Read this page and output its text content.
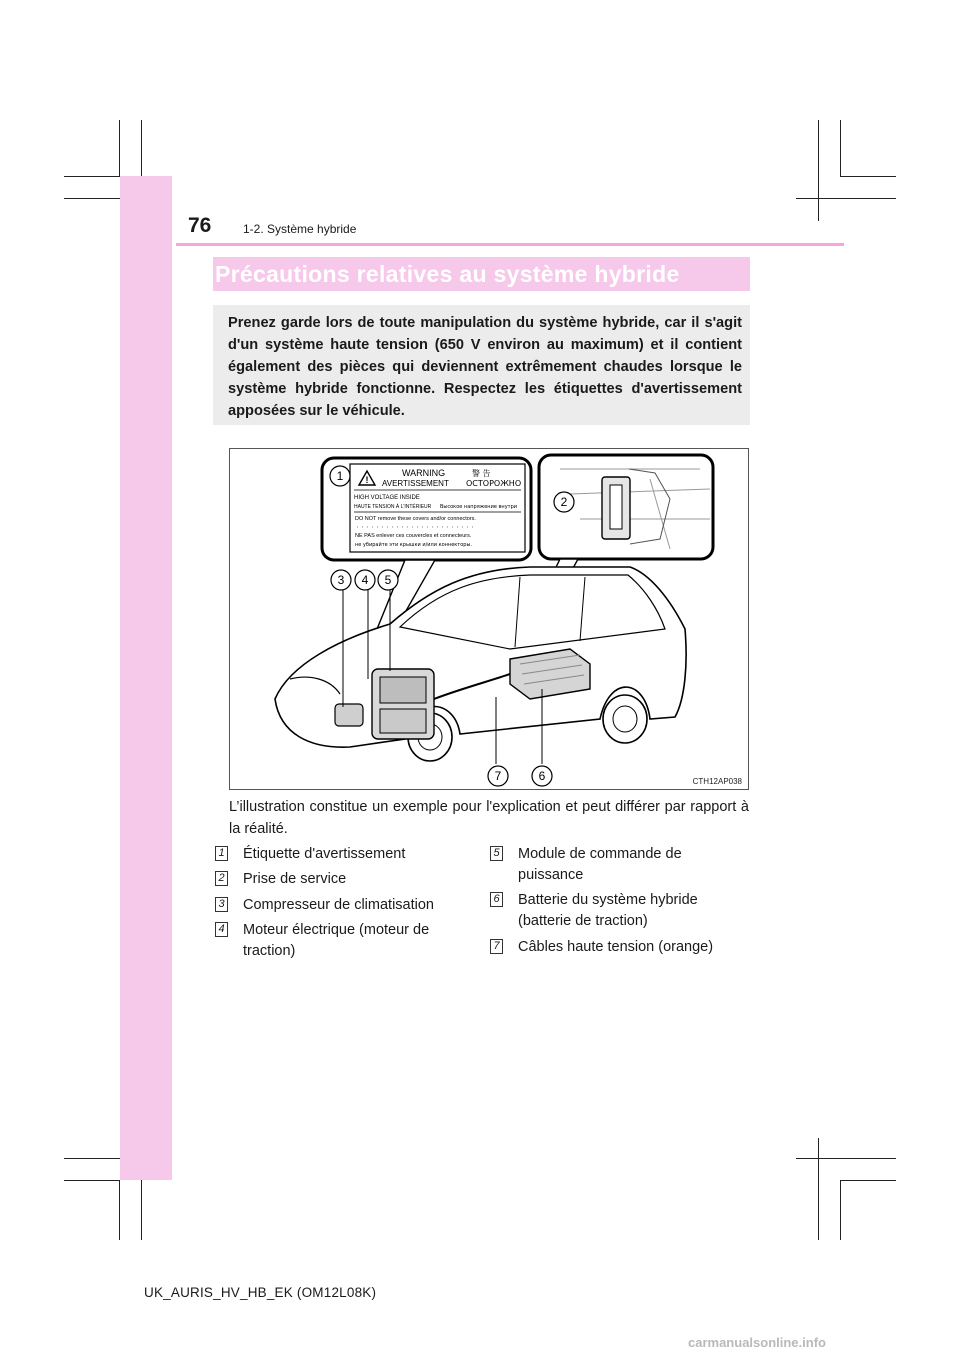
76	1-2. Système hybride
Précautions relatives au système hybride
Prenez garde lors de toute manipulation du système hybride, car il s'agit d'un système haute tension (650 V environ au maximum) et il contient également des pièces qui deviennent extrêmement chaudes lorsque le système hybride fonctionne. Respectez les étiquettes d'avertissement apposées sur le véhicule.
!
WARNING	警 告
AVERTISSEMENT ОСТОРОЖНО
HIGH VOLTAGE INSIDE
HAUTE TENSION À L'INTÉRIEUR Высокое напряжение внутри
DO NOT remove these covers and/or connectors.
・・・・・・・・・・・・・・・・・・・・・・・・
NE PAS enlever ces couvercles et connecteurs.
не убирайте эти крышки и/или коннекторы.
1
2
3 4 5
6
7	CTH12AP038
L’illustration constitue un exemple pour l'explication et peut différer par rapport à la réalité.
1 Étiquette d'avertissement
2 Prise de service
3 Compresseur de climatisation
4 Moteur électrique (moteur de traction)
5 Module de commande de puissance
6 Batterie du système hybride (batterie de traction)
7 Câbles haute tension (orange)
UK_AURIS_HV_HB_EK (OM12L08K)
carmanualsonline.info
